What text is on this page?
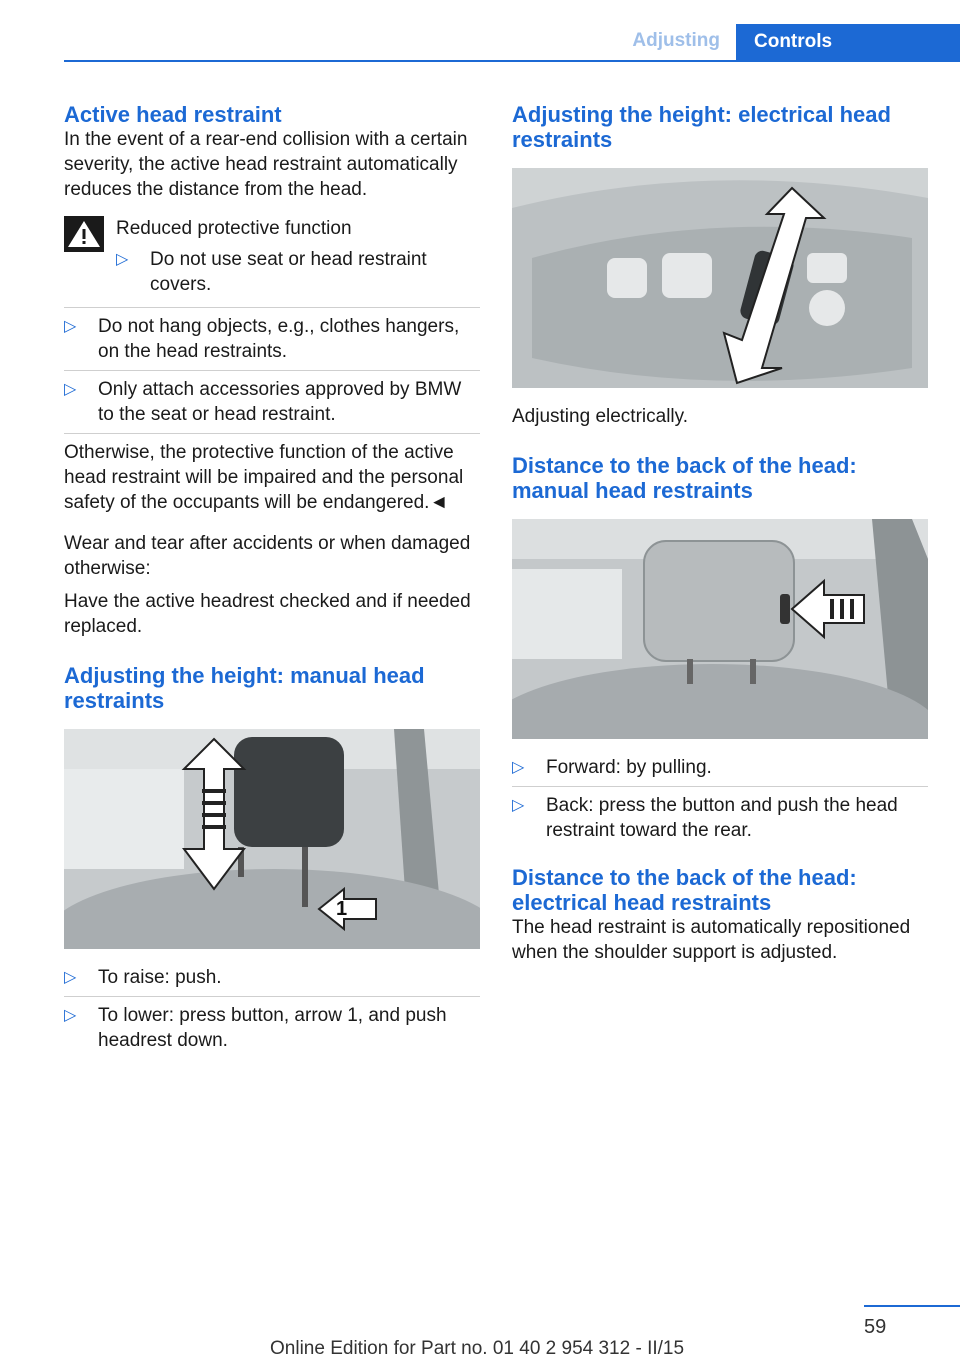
Adjusting Controls
Active head restraint

In the event of a rear-end collision with a certain severity, the active head restraint automatically reduces the distance from the head.

Reduced protective function

▷ Do not use seat or head restraint covers.
▷ Do not hang objects, e.g., clothes hangers, on the head restraints.
▷ Only attach accessories approved by BMW to the seat or head restraint.

Otherwise, the protective function of the active head restraint will be impaired and the personal safety of the occupants will be endangered.◄

Wear and tear after accidents or when damaged otherwise:

Have the active headrest checked and if needed replaced.

Adjusting the height: manual head restraints
1
▷ To raise: push.
▷ To lower: press button, arrow 1, and push headrest down.
Adjusting the height: electrical head restraints

Adjusting electrically.

Distance to the back of the head: manual head restraints
▷ Forward: by pulling.
▷ Back: press the button and push the head restraint toward the rear.
Distance to the back of the head: electrical head restraints

The head restraint is automatically repositioned when the shoulder support is adjusted.

59
Online Edition for Part no. 01 40 2 954 312 - II/15
